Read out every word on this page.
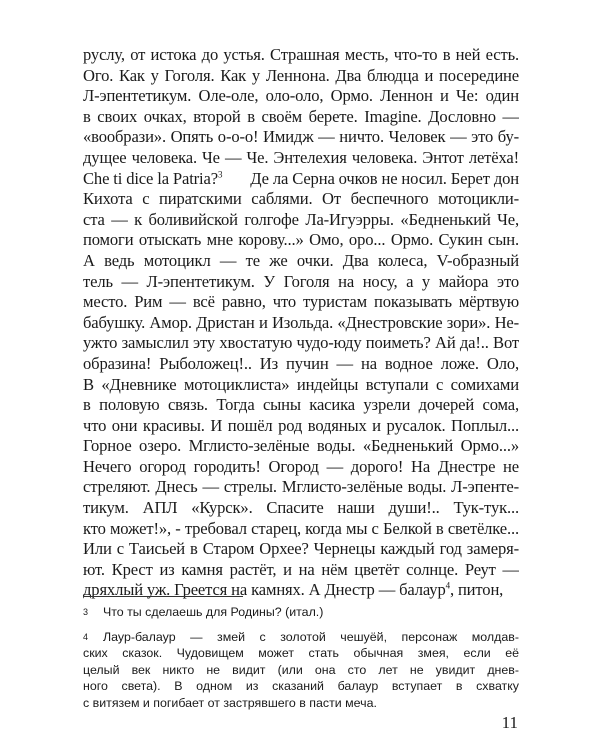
руслу, от истока до устья. Страшная месть, что-то в ней есть.
Ого. Как у Гоголя. Как у Леннона. Два блюдца и посередине
Л-эпентетикум. Оле-оле, оло-оло, Ормо. Леннон и Че: один
в своих очках, второй в своём берете. Imagine. Дословно —
«вообрази». Опять о-о-о! Имидж — ничто. Человек — это бу-
дущее человека. Че — Че. Энтелехия человека. Энтот летёха!
Che ti dice la Patria?$^3$ Де ла Серна очков не носил. Берет дон
Кихота с пиратскими саблями. От беспечного мотоцикли-
ста — к боливийской голгофе Ла-Игуэрры. «Бедненький Че,
помоги отыскать мне корову...» Омо, оро... Ормо. Сукин сын.
А ведь мотоцикл — те же очки. Два колеса, V-образный
тель — Л-эпентетикум. У Гоголя на носу, а у майора это
место. Рим — всё равно, что туристам показывать мёртвую
бабушку. Амор. Дристан и Изольда. «Днестровские зори». Не-
ужто замыслил эту хвостатую чудо-юду поиметь? Ай да!.. Вот
образина! Рыболожец!.. Из пучин — на водное ложе. Оло,
В «Дневнике мотоциклиста» индейцы вступали с сомихами
в половую связь. Тогда сыны касика узрели дочерей сома,
что они красивы. И пошёл род водяных и русалок. Поплыл...
Горное озеро. Мглисто-зелёные воды. «Бедненький Ормо...»
Нечего огород городить! Огород — дорого! На Днестре не
стреляют. Днесь — стрелы. Мглисто-зелёные воды. Л-эпенте-
тикум. АПЛ «Курск». Спасите наши души!.. Тук-тук...
кто может!», - требовал старец, когда мы с Белкой в светёлке...
Или с Таисьей в Старом Орхее? Чернецы каждый год замеря-
ют. Крест из камня растёт, и на нём цветёт солнце. Реут —
дряхлый уж. Греется на камнях. А Днестр — балаур$^4$, питон,
3 Что ты сделаешь для Родины? (итал.)
4 Лаур-балаур — змей с золотой чешуёй, персонаж молдав-
ских сказок. Чудовищем может стать обычная змея, если её
целый век никто не видит (или она сто лет не увидит днев-
ного света). В одном из сказаний балаур вступает в схватку
с витязем и погибает от застрявшего в пасти меча.
11
